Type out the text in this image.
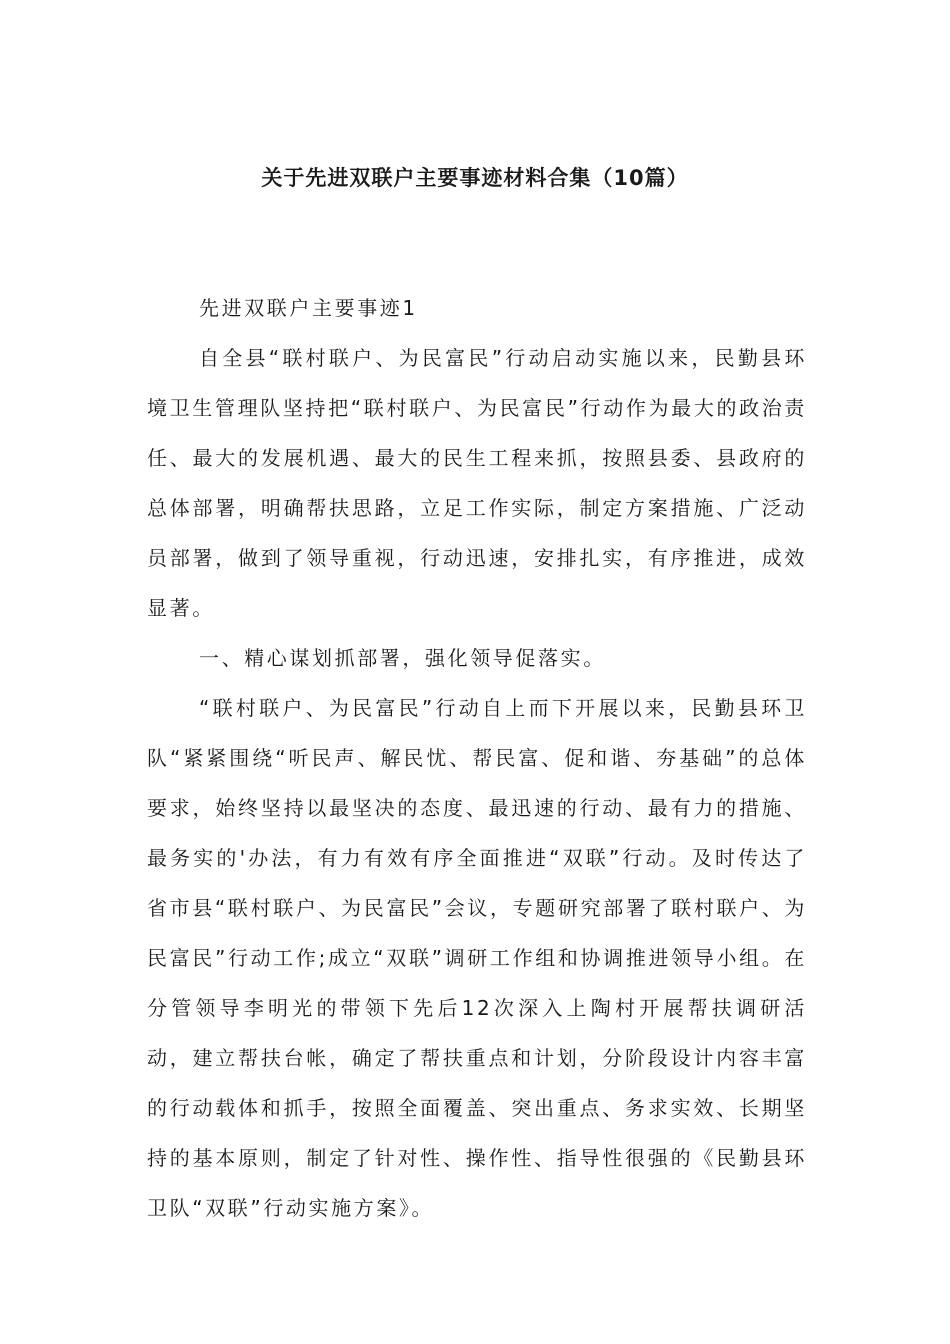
关于先进双联户主要事迹材料合集（10篇）

先进双联户主要事迹1

自全县“联村联户、为民富民”行动启动实施以来，民勤县环境卫生管理队坚持把“联村联户、为民富民”行动作为最大的政治责任、最大的发展机遇、最大的民生工程来抓，按照县委、县政府的总体部署，明确帮扶思路，立足工作实际，制定方案措施、广泛动员部署，做到了领导重视，行动迅速，安排扎实，有序推进，成效显著。

一、精心谋划抓部署，强化领导促落实。

“联村联户、为民富民”行动自上而下开展以来，民勤县环卫队“紧紧围绕“听民声、解民忧、帮民富、促和谐、夯基础”的总体要求，始终坚持以最坚决的态度、最迅速的行动、最有力的措施、最务实的'办法，有力有效有序全面推进“双联”行动。及时传达了省市县“联村联户、为民富民”会议，专题研究部署了联村联户、为民富民”行动工作;成立“双联”调研工作组和协调推进领导小组。在分管领导李明光的带领下先后12次深入上陶村开展帮扶调研活动，建立帮扶台帐，确定了帮扶重点和计划，分阶段设计内容丰富的行动载体和抓手，按照全面覆盖、突出重点、务求实效、长期坚持的基本原则，制定了针对性、操作性、指导性很强的《民勤县环卫队“双联”行动实施方案》。
